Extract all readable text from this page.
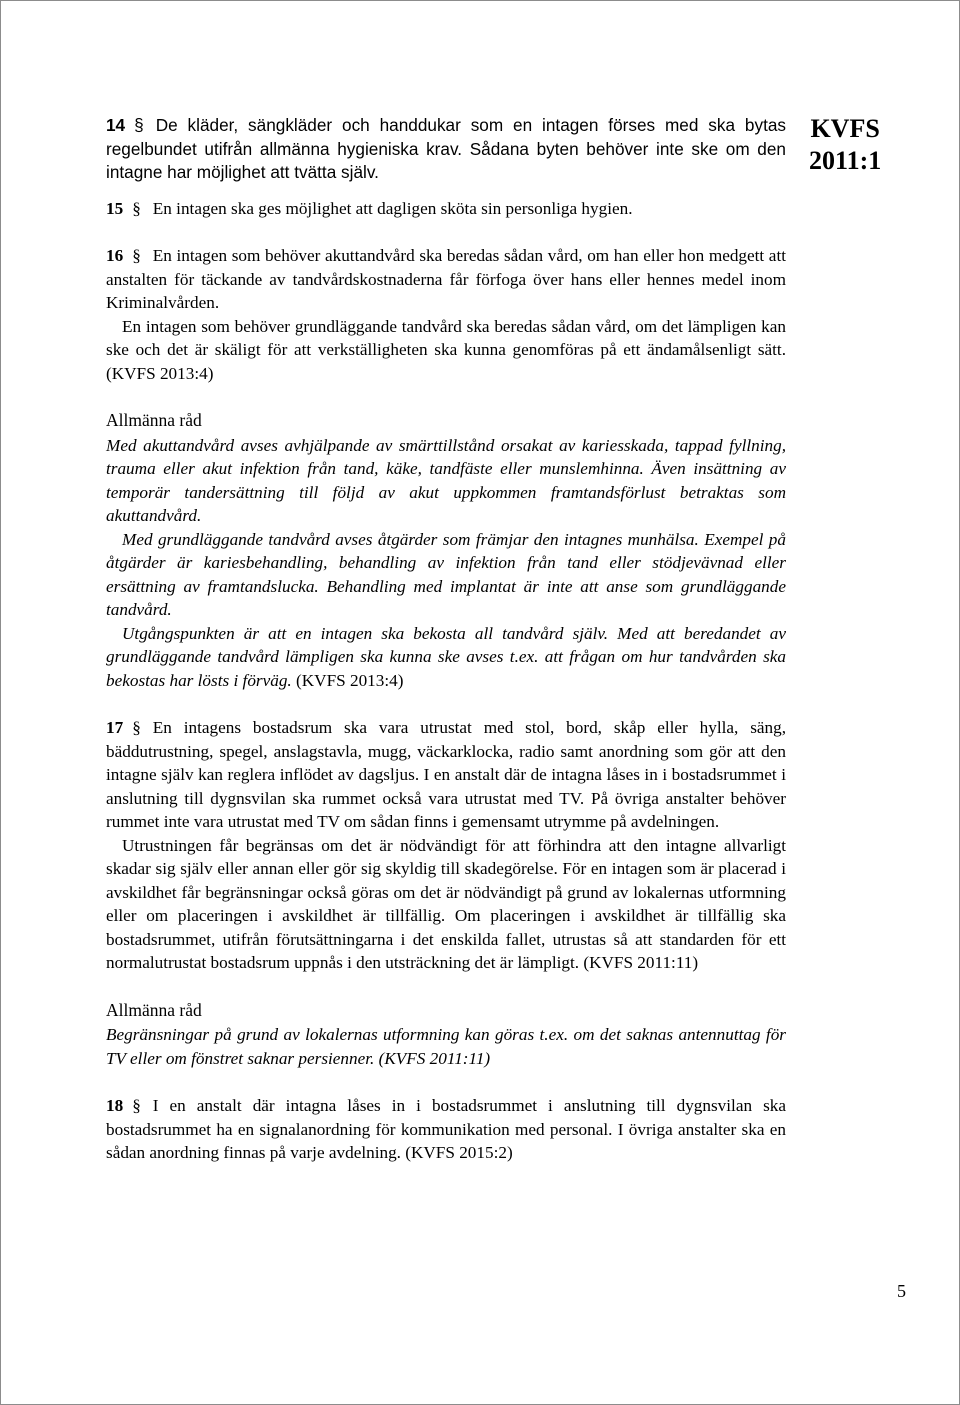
KVFS
2011:1

14 § De kläder, sängkläder och handdukar som en intagen förses med ska bytas regelbundet utifrån allmänna hygieniska krav. Sådana byten behöver inte ske om den intagne har möjlighet att tvätta själv.

15 § En intagen ska ges möjlighet att dagligen sköta sin personliga hygien.

16 § En intagen som behöver akuttandvård ska beredas sådan vård, om han eller hon medgett att anstalten för täckande av tandvårdskostnaderna får förfoga över hans eller hennes medel inom Kriminalvården.

En intagen som behöver grundläggande tandvård ska beredas sådan vård, om det lämpligen kan ske och det är skäligt för att verkställigheten ska kunna genomföras på ett ändamålsenligt sätt. (KVFS 2013:4)

Allmänna råd

Med akuttandvård avses avhjälpande av smärttillstånd orsakat av kariesskada, tappad fyllning, trauma eller akut infektion från tand, käke, tandfäste eller munslemhinna. Även insättning av temporär tandersättning till följd av akut uppkommen framtandsförlust betraktas som akuttandvård.

Med grundläggande tandvård avses åtgärder som främjar den intagnes munhälsa. Exempel på åtgärder är kariesbehandling, behandling av infektion från tand eller stödjevävnad eller ersättning av framtandslucka. Behandling med implantat är inte att anse som grundläggande tandvård.

Utgångspunkten är att en intagen ska bekosta all tandvård själv. Med att beredandet av grundläggande tandvård lämpligen ska kunna ske avses t.ex. att frågan om hur tandvården ska bekostas har lösts i förväg. (KVFS 2013:4)

17 § En intagens bostadsrum ska vara utrustat med stol, bord, skåp eller hylla, säng, bäddutrustning, spegel, anslagstavla, mugg, väckarklocka, radio samt anordning som gör att den intagne själv kan reglera inflödet av dagsljus. I en anstalt där de intagna låses in i bostadsrummet i anslutning till dygnsvilan ska rummet också vara utrustat med TV. På övriga anstalter behöver rummet inte vara utrustat med TV om sådan finns i gemensamt utrymme på avdelningen.

Utrustningen får begränsas om det är nödvändigt för att förhindra att den intagne allvarligt skadar sig själv eller annan eller gör sig skyldig till skadegörelse. För en intagen som är placerad i avskildhet får begränsningar också göras om det är nödvändigt på grund av lokalernas utformning eller om placeringen i avskildhet är tillfällig. Om placeringen i avskildhet är tillfällig ska bostadsrummet, utifrån förutsättningarna i det enskilda fallet, utrustas så att standarden för ett normalutrustat bostadsrum uppnås i den utsträckning det är lämpligt. (KVFS 2011:11)

Allmänna råd

Begränsningar på grund av lokalernas utformning kan göras t.ex. om det saknas antennuttag för TV eller om fönstret saknar persienner. (KVFS 2011:11)

18 § I en anstalt där intagna låses in i bostadsrummet i anslutning till dygnsvilan ska bostadsrummet ha en signalanordning för kommunikation med personal. I övriga anstalter ska en sådan anordning finnas på varje avdelning. (KVFS 2015:2)

5
